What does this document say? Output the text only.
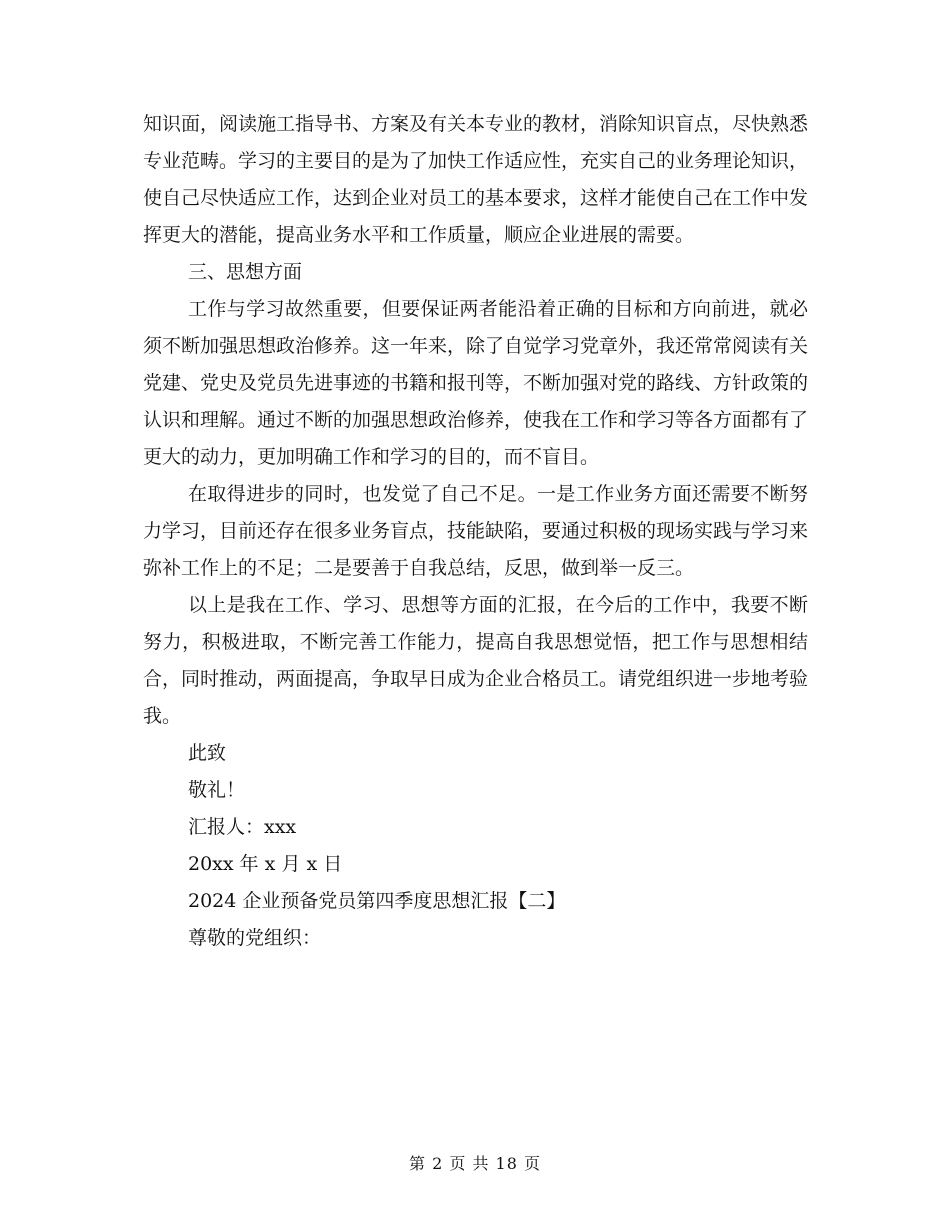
知识面，阅读施工指导书、方案及有关本专业的教材，消除知识盲点，尽快熟悉专业范畴。学习的主要目的是为了加快工作适应性，充实自己的业务理论知识，使自己尽快适应工作，达到企业对员工的基本要求，这样才能使自己在工作中发挥更大的潜能，提高业务水平和工作质量，顺应企业进展的需要。

三、思想方面

工作与学习故然重要，但要保证两者能沿着正确的目标和方向前进，就必须不断加强思想政治修养。这一年来，除了自觉学习党章外，我还常常阅读有关党建、党史及党员先进事迹的书籍和报刊等，不断加强对党的路线、方针政策的认识和理解。通过不断的加强思想政治修养，使我在工作和学习等各方面都有了更大的动力，更加明确工作和学习的目的，而不盲目。

在取得进步的同时，也发觉了自己不足。一是工作业务方面还需要不断努力学习，目前还存在很多业务盲点，技能缺陷，要通过积极的现场实践与学习来弥补工作上的不足；二是要善于自我总结，反思，做到举一反三。

以上是我在工作、学习、思想等方面的汇报，在今后的工作中，我要不断努力，积极进取，不断完善工作能力，提高自我思想觉悟，把工作与思想相结合，同时推动，两面提高，争取早日成为企业合格员工。请党组织进一步地考验我。

此致

敬礼！

汇报人：xxx

20xx 年 x 月 x 日

2024 企业预备党员第四季度思想汇报【二】

尊敬的党组织：

第 2 页 共 18 页
